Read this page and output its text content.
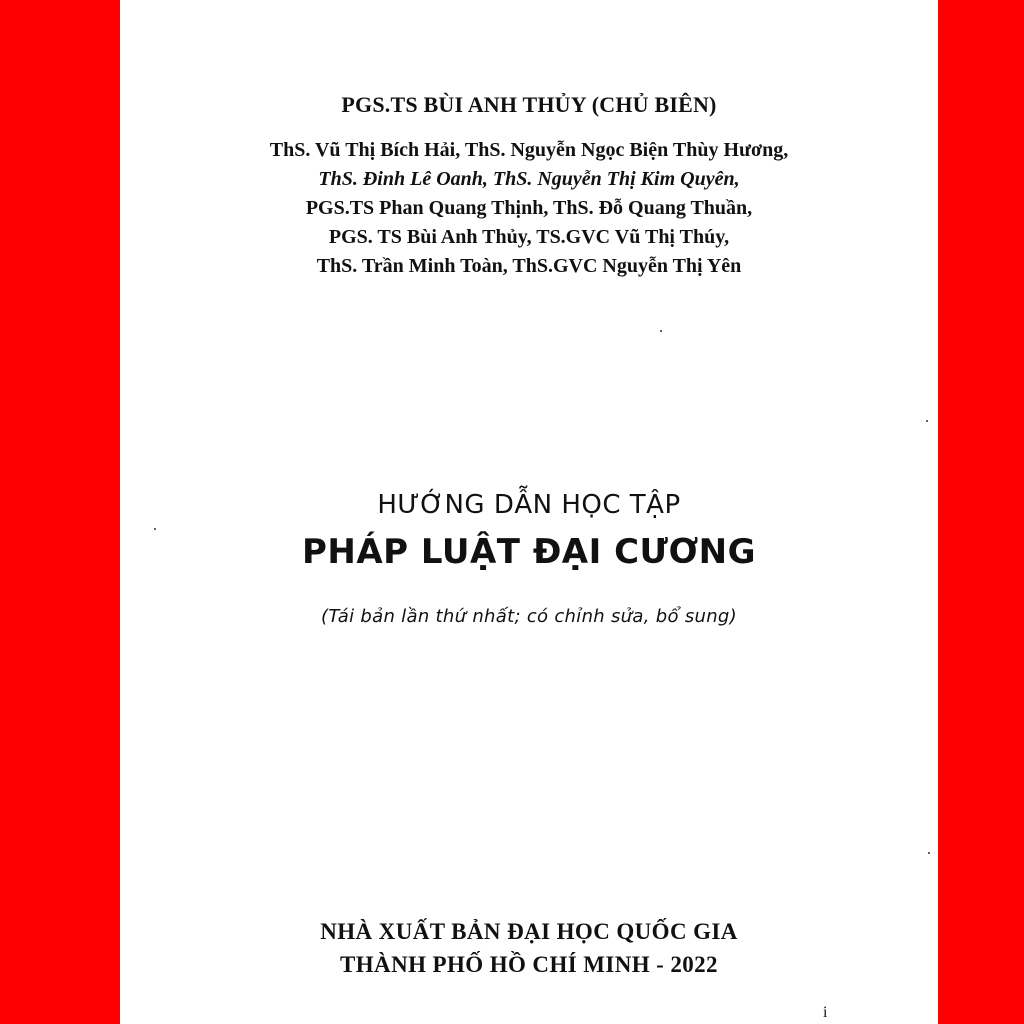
PGS.TS BÙI ANH THỦY (CHỦ BIÊN)
ThS. Vũ Thị Bích Hải, ThS. Nguyễn Ngọc Biện Thùy Hương,
ThS. Đinh Lê Oanh, ThS. Nguyễn Thị Kim Quyên,
PGS.TS Phan Quang Thịnh, ThS. Đỗ Quang Thuần,
PGS. TS Bùi Anh Thủy, TS.GVC Vũ Thị Thúy,
ThS. Trần Minh Toàn, ThS.GVC Nguyễn Thị Yên
HƯỚNG DẪN HỌC TẬP
PHÁP LUẬT ĐẠI CƯƠNG
(Tái bản lần thứ nhất; có chỉnh sửa, bổ sung)
NHÀ XUẤT BẢN ĐẠI HỌC QUỐC GIA
THÀNH PHỐ HỒ CHÍ MINH - 2022
i
